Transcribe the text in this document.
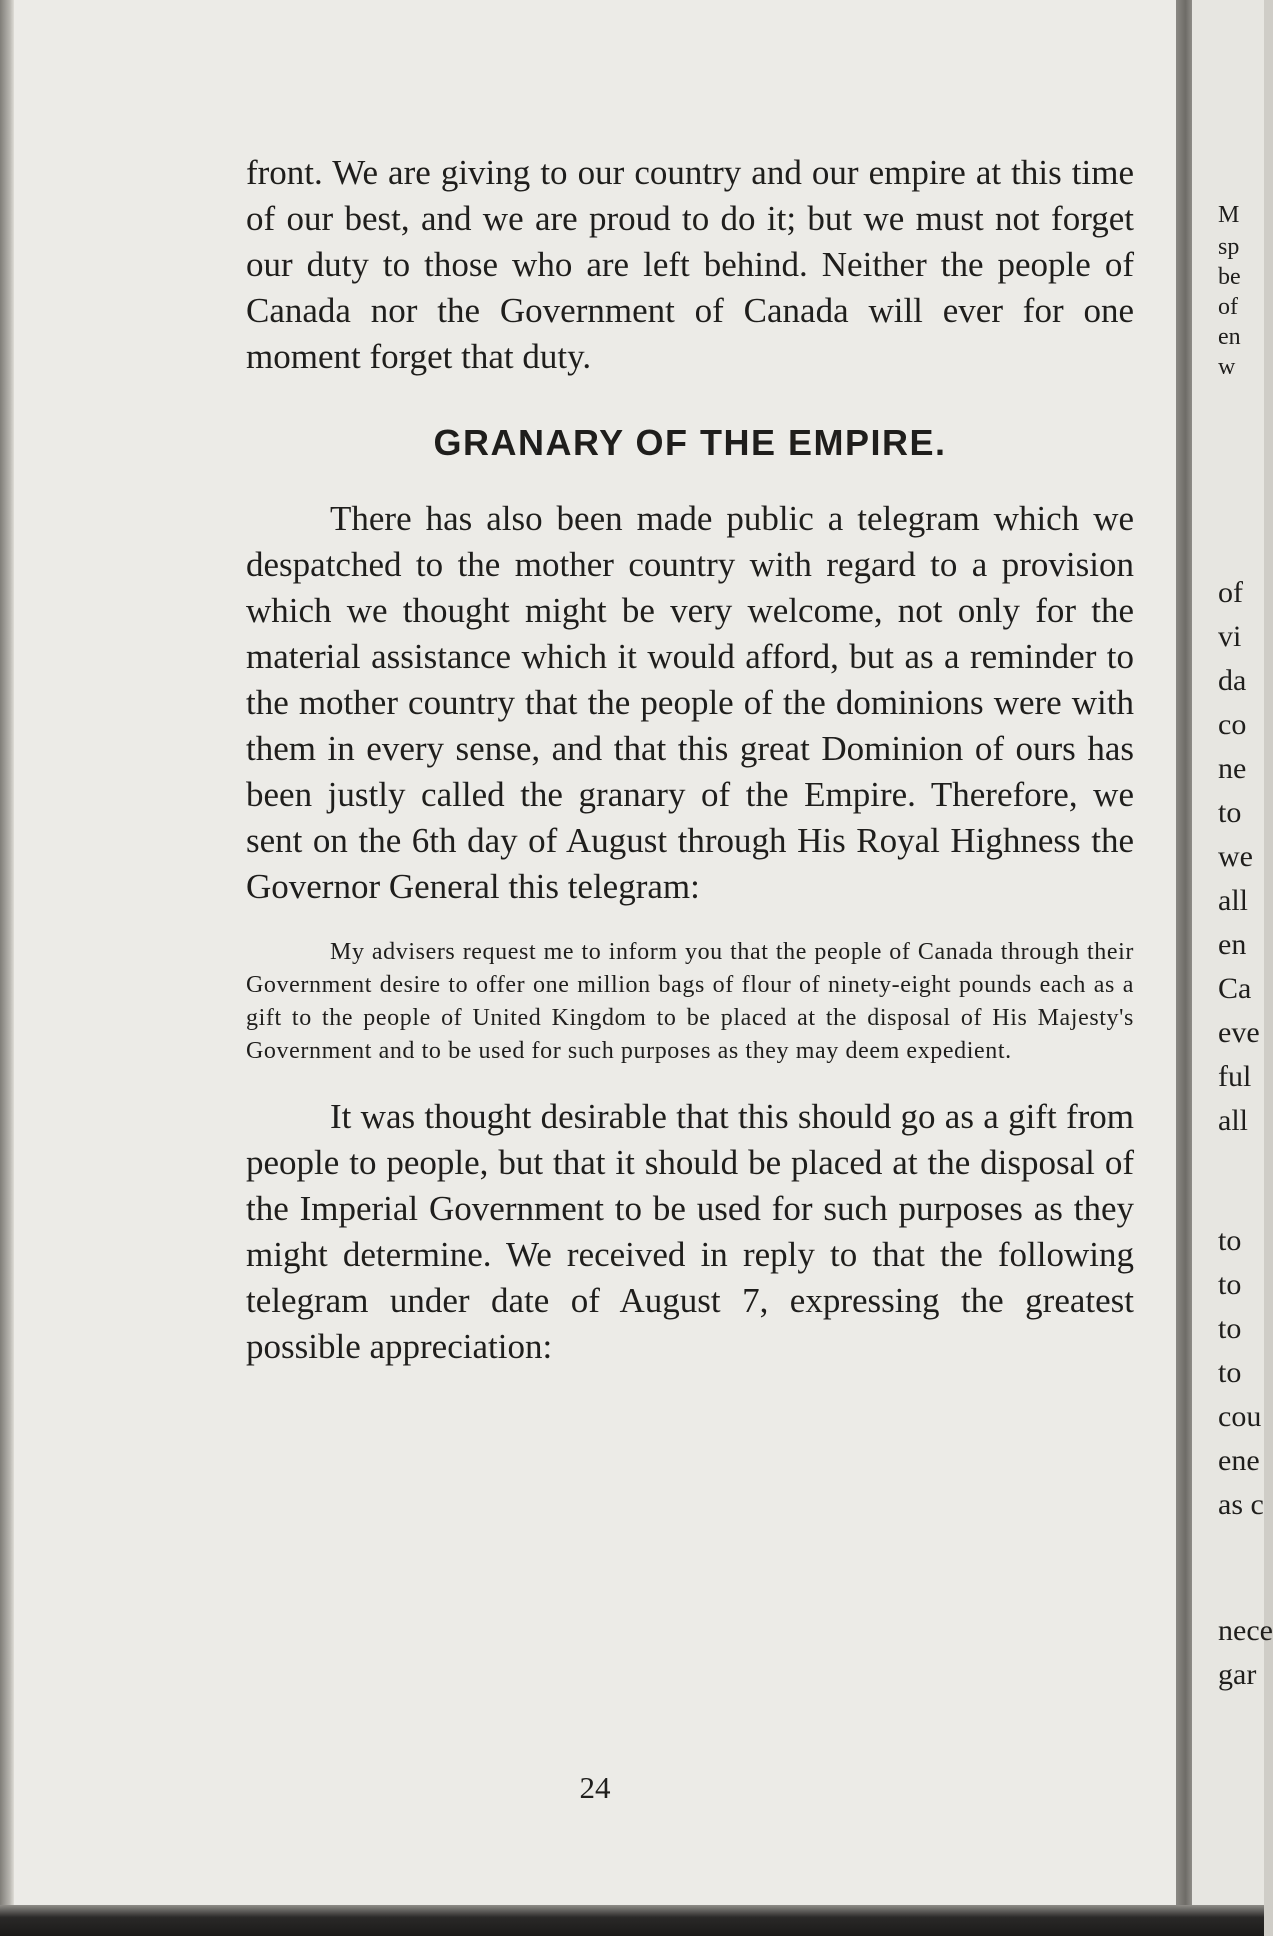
front. We are giving to our country and our empire at this time of our best, and we are proud to do it; but we must not forget our duty to those who are left behind. Neither the people of Canada nor the Government of Canada will ever for one moment forget that duty.

GRANARY OF THE EMPIRE.

There has also been made public a telegram which we despatched to the mother country with regard to a provision which we thought might be very welcome, not only for the material assistance which it would afford, but as a reminder to the mother country that the people of the dominions were with them in every sense, and that this great Dominion of ours has been justly called the granary of the Empire. Therefore, we sent on the 6th day of August through His Royal Highness the Governor General this telegram:

My advisers request me to inform you that the people of Canada through their Government desire to offer one million bags of flour of ninety-eight pounds each as a gift to the people of United Kingdom to be placed at the disposal of His Majesty's Government and to be used for such purposes as they may deem expedient.

It was thought desirable that this should go as a gift from people to people, but that it should be placed at the disposal of the Imperial Government to be used for such purposes as they might determine. We received in reply to that the following telegram under date of August 7, expressing the greatest possible appreciation:

24
M
sp
be
of
en
w
of
vi
da
co
ne
to
we
all
en
Ca
eve
ful
all
to
to
to
to
cou
ene
as c
nece
gar
